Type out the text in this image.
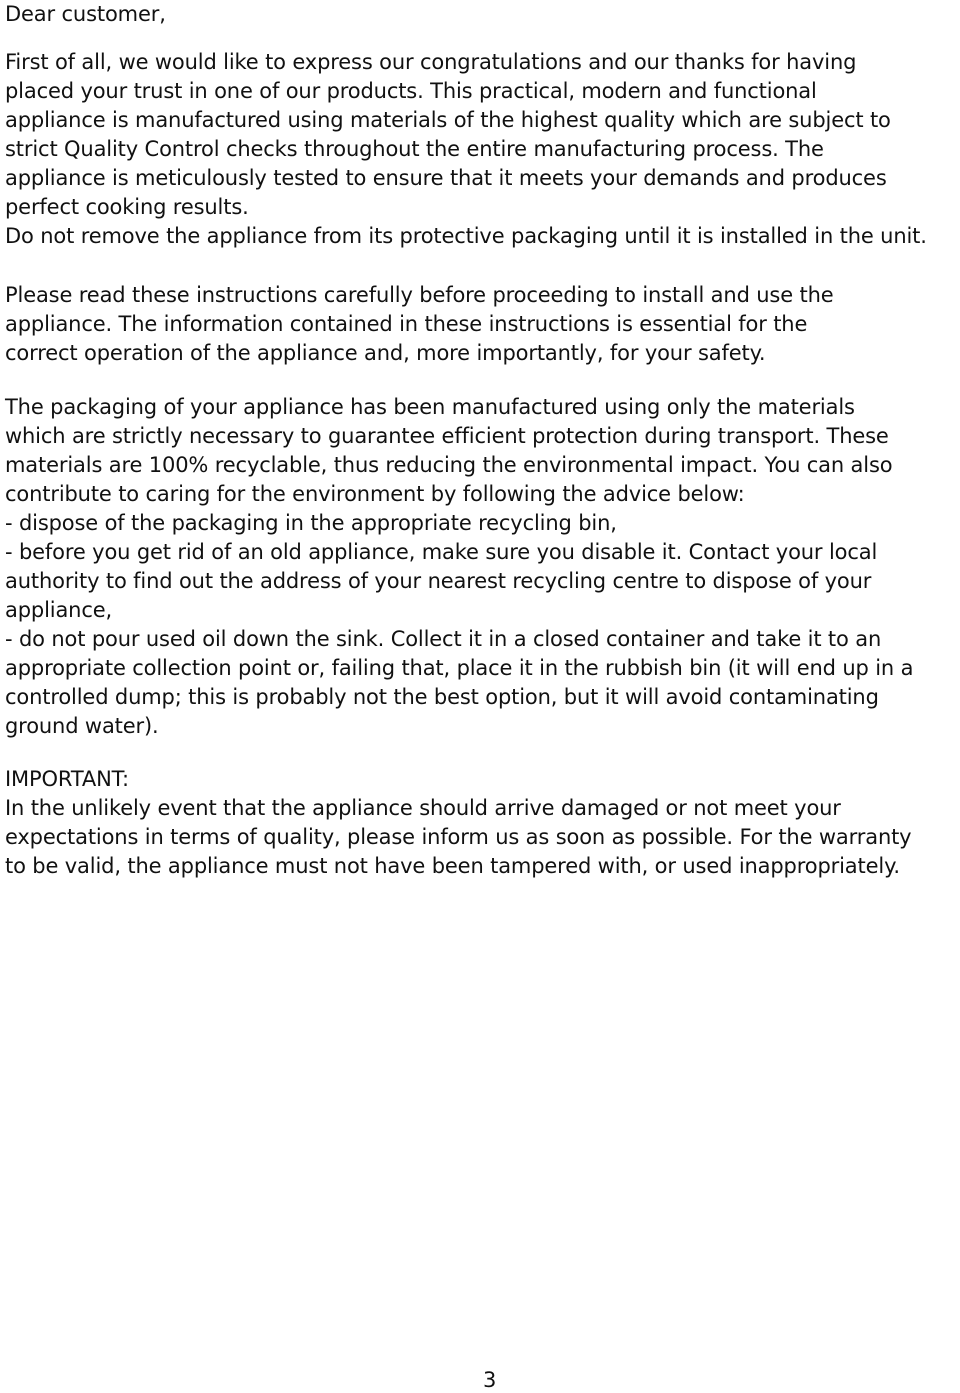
Dear customer,

First of all, we would like to express our congratulations and our thanks for having
placed your trust in one of our products. This practical, modern and functional
appliance is manufactured using materials of the highest quality which are subject to
strict Quality Control checks throughout the entire manufacturing process. The
appliance is meticulously tested to ensure that it meets your demands and produces
perfect cooking results.
Do not remove the appliance from its protective packaging until it is installed in the unit.

Please read these instructions carefully before proceeding to install and use the
appliance. The information contained in these instructions is essential for the
correct operation of the appliance and, more importantly, for your safety.

The packaging of your appliance has been manufactured using only the materials
which are strictly necessary to guarantee efficient protection during transport. These
materials are 100% recyclable, thus reducing the environmental impact. You can also
contribute to caring for the environment by following the advice below:
- dispose of the packaging in the appropriate recycling bin,
- before you get rid of an old appliance, make sure you disable it. Contact your local
authority to find out the address of your nearest recycling centre to dispose of your
appliance,
- do not pour used oil down the sink. Collect it in a closed container and take it to an
appropriate collection point or, failing that, place it in the rubbish bin (it will end up in a
controlled dump; this is probably not the best option, but it will avoid contaminating
ground water).

IMPORTANT:
In the unlikely event that the appliance should arrive damaged or not meet your
expectations in terms of quality, please inform us as soon as possible. For the warranty
to be valid, the appliance must not have been tampered with, or used inappropriately.

3
